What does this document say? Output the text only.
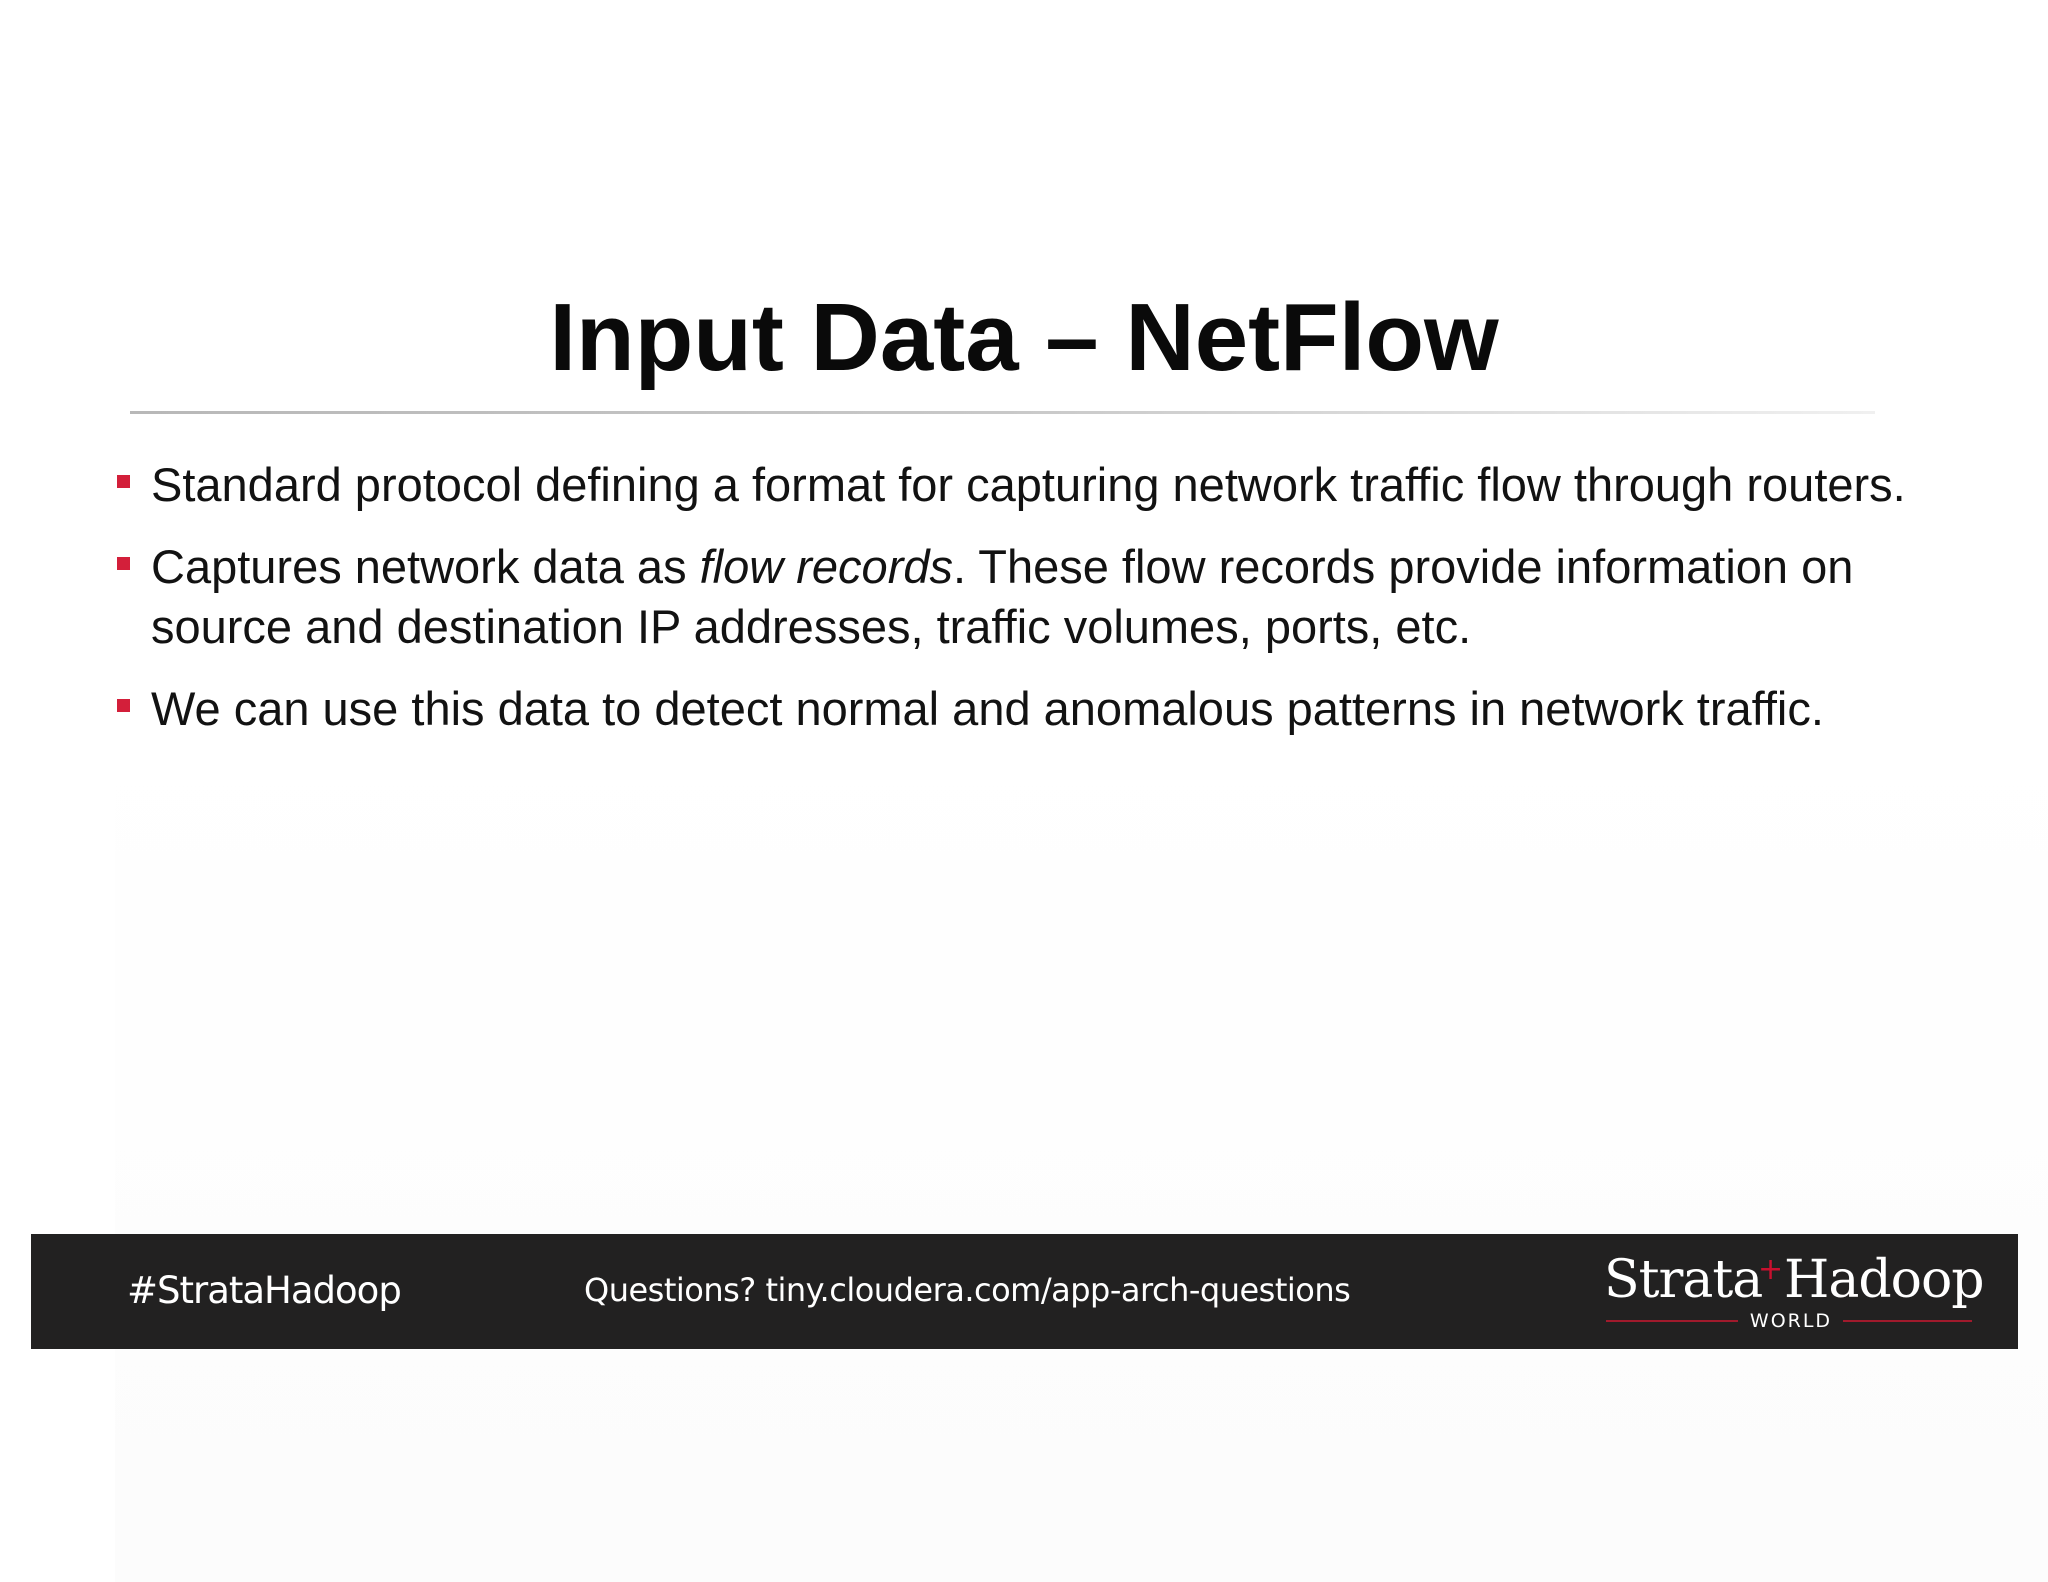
Input Data – NetFlow
Standard protocol defining a format for capturing network traffic flow through routers.
Captures network data as flow records. These flow records provide information on source and destination IP addresses, traffic volumes, ports, etc.
We can use this data to detect normal and anomalous patterns in network traffic.
#StrataHadoop	Questions? tiny.cloudera.com/app-arch-questions	Strata
+ Hadoop
WORLD
